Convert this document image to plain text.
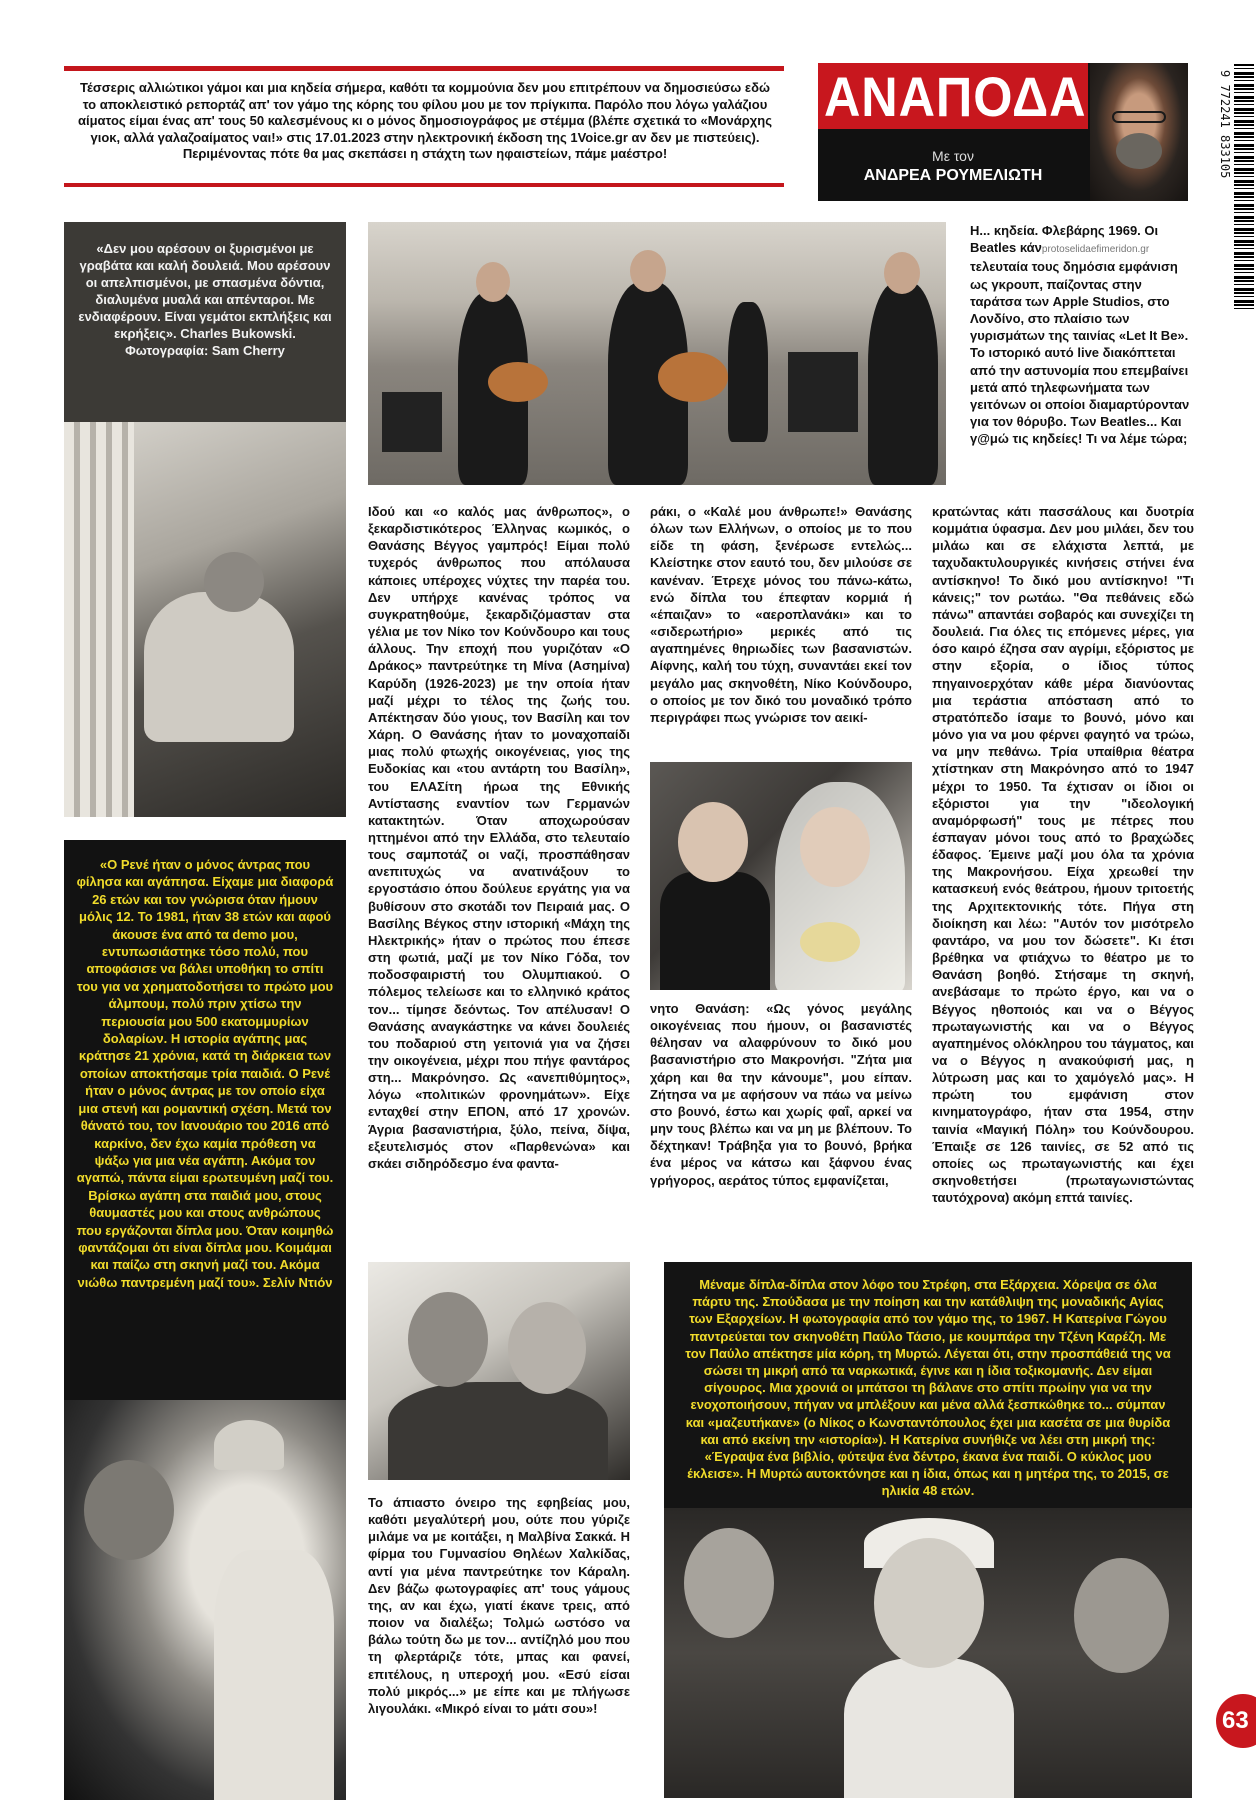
Τέσσερις αλλιώτικοι γάμοι και μια κηδεία σήμερα, καθότι τα κομμούνια δεν μου επιτρέπουν να δημοσιεύσω εδώ το αποκλειστικό ρεπορτάζ απ' τον γάμο της κόρης του φίλου μου με τον πρίγκιπα. Παρόλο που λόγω γαλάζιου αίματος είμαι ένας απ' τους 50 καλεσμένους κι ο μόνος δημοσιογράφος με στέμμα (βλέπε σχετικά το «Μονάρχης γιοκ, αλλά γαλαζοαίματος ναι!» στις 17.01.2023 στην ηλεκτρονική έκδοση της 1Voice.gr αν δεν με πιστεύεις). Περιμένοντας πότε θα μας σκεπάσει η στάχτη των ηφαιστείων, πάμε μαέστρο!
ΑΝΑΠΟΔΑ
Με τον
ΑΝΔΡΕΑ ΡΟΥΜΕΛΙΩΤΗ	9 772241 833105
«Δεν μου αρέσουν οι ξυρισμένοι με γραβάτα και καλή δουλειά. Μου αρέσουν οι απελπισμένοι, με σπασμένα δόντια, διαλυμένα μυαλά και απένταροι. Με ενδιαφέρουν. Είναι γεμάτοι εκπλήξεις και εκρήξεις». Charles Bukowski. Φωτογραφία: Sam Cherry
«Ο Ρενέ ήταν ο μόνος άντρας που φίλησα και αγάπησα. Είχαμε μια διαφορά 26 ετών και τον γνώρισα όταν ήμουν μόλις 12. Το 1981, ήταν 38 ετών και αφού άκουσε ένα από τα demo μου, εντυπωσιάστηκε τόσο πολύ, που αποφάσισε να βάλει υποθήκη το σπίτι του για να χρηματοδοτήσει το πρώτο μου άλμπουμ, πολύ πριν χτίσω την περιουσία μου 500 εκατομμυρίων δολαρίων. Η ιστορία αγάπης μας κράτησε 21 χρόνια, κατά τη διάρκεια των οποίων αποκτήσαμε τρία παιδιά. Ο Ρενέ ήταν ο μόνος άντρας με τον οποίο είχα μια στενή και ρομαντική σχέση. Μετά τον θάνατό του, τον Ιανουάριο του 2016 από καρκίνο, δεν έχω καμία πρόθεση να ψάξω για μια νέα αγάπη. Ακόμα τον αγαπώ, πάντα είμαι ερωτευμένη μαζί του. Βρίσκω αγάπη στα παιδιά μου, στους θαυμαστές μου και στους ανθρώπους που εργάζονται δίπλα μου. Όταν κοιμηθώ φαντάζομαι ότι είναι δίπλα μου. Κοιμάμαι και παίζω στη σκηνή μαζί του. Ακόμα νιώθω παντρεμένη μαζί του». Σελίν Ντιόν
Η... κηδεία. Φλεβάρης 1969. Οι Beatles κάνprotoselidaefimeridon.gr τελευταία τους δημόσια εμφάνιση ως γκρουπ, παίζοντας στην ταράτσα των Apple Studios, στο Λονδίνο, στο πλαίσιο των γυρισμάτων της ταινίας «Let It Be». Το ιστορικό αυτό live διακόπτεται από την αστυνομία που επεμβαίνει μετά από τηλεφωνήματα των γειτόνων οι οποίοι διαμαρτύρονταν για τον θόρυβο. Των Beatles... Και γ@μώ τις κηδείες! Τι να λέμε τώρα;
Ιδού και «ο καλός μας άνθρωπος», ο ξεκαρδιστικότερος Έλληνας κωμικός, ο Θανάσης Βέγγος γαμπρός! Είμαι πολύ τυχερός άνθρωπος που απόλαυσα κάποιες υπέροχες νύχτες την παρέα του. Δεν υπήρχε κανένας τρόπος να συγκρατηθούμε, ξεκαρδιζόμασταν στα γέλια με τον Νίκο τον Κούνδουρο και τους άλλους. Την εποχή που γυριζόταν «Ο Δράκος» παντρεύτηκε τη Μίνα (Ασημίνα) Καρύδη (1926-2023) με την οποία ήταν μαζί μέχρι το τέλος της ζωής του. Απέκτησαν δύο γιους, τον Βασίλη και τον Χάρη. Ο Θανάσης ήταν το μοναχοπαίδι μιας πολύ φτωχής οικογένειας, γιος της Ευδοκίας και «του αντάρτη του Βασίλη», του ΕΛΑΣίτη ήρωα της Εθνικής Αντίστασης εναντίον των Γερμανών κατακτητών. Όταν αποχωρούσαν ηττημένοι από την Ελλάδα, στο τελευταίο τους σαμποτάζ οι ναζί, προσπάθησαν ανεπιτυχώς να ανατινάξουν το εργοστάσιο όπου δούλευε εργάτης για να βυθίσουν στο σκοτάδι τον Πειραιά μας. Ο Βασίλης Βέγκος στην ιστορική «Μάχη της Ηλεκτρικής» ήταν ο πρώτος που έπεσε στη φωτιά, μαζί με τον Νίκο Γόδα, τον ποδοσφαιριστή του Ολυμπιακού. Ο πόλεμος τελείωσε και το ελληνικό κράτος τον... τίμησε δεόντως. Τον απέλυσαν! Ο Θανάσης αναγκάστηκε να κάνει δουλειές του ποδαριού στη γειτονιά για να ζήσει την οικογένεια, μέχρι που πήγε φαντάρος στη... Μακρόνησο. Ως «ανεπιθύμητος», λόγω «πολιτικών φρονημάτων». Είχε ενταχθεί στην ΕΠΟΝ, από 17 χρονών. Άγρια βασανιστήρια, ξύλο, πείνα, δίψα, εξευτελισμός στον «Παρθενώνα» και σκάει σιδηρόδεσμο ένα φαντα-
ράκι, ο «Καλέ μου άνθρωπε!» Θανάσης όλων των Ελλήνων, ο οποίος με το που είδε τη φάση, ξενέρωσε εντελώς... Κλείστηκε στον εαυτό του, δεν μιλούσε σε κανέναν. Έτρεχε μόνος του πάνω-κάτω, ενώ δίπλα του έπεφταν κορμιά ή «έπαιζαν» το «αεροπλανάκι» και το «σιδερωτήριο» μερικές από τις αγαπημένες θηριωδίες των βασανιστών. Αίφνης, καλή του τύχη, συναντάει εκεί τον μεγάλο μας σκηνοθέτη, Νίκο Κούνδουρο, ο οποίος με τον δικό του μοναδικό τρόπο περιγράφει πως γνώρισε τον αεικί-
νητο Θανάση: «Ως γόνος μεγάλης οικογένειας που ήμουν, οι βασανιστές θέλησαν να αλαφρύνουν το δικό μου βασανιστήριο στο Μακρονήσι. "Ζήτα μια χάρη και θα την κάνουμε", μου είπαν. Ζήτησα να με αφήσουν να πάω να μείνω στο βουνό, έστω και χωρίς φαΐ, αρκεί να μην τους βλέπω και να μη με βλέπουν. Το δέχτηκαν! Τράβηξα για το βουνό, βρήκα ένα μέρος να κάτσω και ξάφνου ένας γρήγορος, αεράτος τύπος εμφανίζεται,
κρατώντας κάτι πασσάλους και δυοτρία κομμάτια ύφασμα. Δεν μου μιλάει, δεν του μιλάω και σε ελάχιστα λεπτά, με ταχυδακτυλουργικές κινήσεις στήνει ένα αντίσκηνο! Το δικό μου αντίσκηνο! "Τι κάνεις;" τον ρωτάω. "Θα πεθάνεις εδώ πάνω" απαντάει σοβαρός και συνεχίζει τη δουλειά. Για όλες τις επόμενες μέρες, για όσο καιρό έζησα σαν αγρίμι, εξόριστος με στην εξορία, ο ίδιος τύπος πηγαινοερχόταν κάθε μέρα διανύοντας μια τεράστια απόσταση από το στρατόπεδο ίσαμε το βουνό, μόνο και μόνο για να μου φέρνει φαγητό να τρώω, να μην πεθάνω. Τρία υπαίθρια θέατρα χτίστηκαν στη Μακρόνησο από το 1947 μέχρι το 1950. Τα έχτισαν οι ίδιοι οι εξόριστοι για την "ιδεολογική αναμόρφωσή" τους με πέτρες που έσπαγαν μόνοι τους από το βραχώδες έδαφος. Έμεινε μαζί μου όλα τα χρόνια της Μακρονήσου. Είχα χρεωθεί την κατασκευή ενός θεάτρου, ήμουν τριτοετής της Αρχιτεκτονικής τότε. Πήγα στη διοίκηση και λέω: "Αυτόν τον μισότρελο φαντάρο, να μου τον δώσετε". Κι έτσι βρέθηκα να φτιάχνω το θέατρο με το Θανάση βοηθό. Στήσαμε τη σκηνή, ανεβάσαμε το πρώτο έργο, και να ο Βέγγος ηθοποιός και να ο Βέγγος πρωταγωνιστής και να ο Βέγγος αγαπημένος ολόκληρου του τάγματος, και να ο Βέγγος η ανακούφισή μας, η λύτρωση μας και το χαμόγελό μας». Η πρώτη του εμφάνιση στον κινηματογράφο, ήταν στα 1954, στην ταινία «Μαγική Πόλη» του Κούνδουρου. Έπαιξε σε 126 ταινίες, σε 52 από τις οποίες ως πρωταγωνιστής και έχει σκηνοθετήσει (πρωταγωνιστώντας ταυτόχρονα) ακόμη επτά ταινίες.
Το άπιαστο όνειρο της εφηβείας μου, καθότι μεγαλύτερή μου, ούτε που γύριζε μιλάμε να με κοιτάξει, η Μαλβίνα Σακκά. Η φίρμα του Γυμνασίου Θηλέων Χαλκίδας, αντί για μένα παντρεύτηκε τον Κάραλη. Δεν βάζω φωτογραφίες απ' τους γάμους της, αν και έχω, γιατί έκανε τρεις, από ποιον να διαλέξω; Τολμώ ωστόσο να βάλω τούτη δω με τον... αντίζηλό μου που τη φλερτάριζε τότε, μπας και φανεί, επιτέλους, η υπεροχή μου. «Εσύ είσαι πολύ μικρός...» με είπε και με πλήγωσε λιγουλάκι. «Μικρό είναι το μάτι σου»!
Μέναμε δίπλα-δίπλα στον λόφο του Στρέφη, στα Εξάρχεια. Χόρεψα σε όλα πάρτυ της. Σπούδασα με την ποίηση και την κατάθλιψη της μοναδικής Αγίας των Εξαρχείων. Η φωτογραφία από τον γάμο της, το 1967. Η Κατερίνα Γώγου παντρεύεται τον σκηνοθέτη Παύλο Τάσιο, με κουμπάρα την Τζένη Καρέζη. Με τον Παύλο απέκτησε μία κόρη, τη Μυρτώ. Λέγεται ότι, στην προσπάθειά της να σώσει τη μικρή από τα ναρκωτικά, έγινε και η ίδια τοξικομανής. Δεν είμαι σίγουρος. Μια χρονιά οι μπάτσοι τη βάλανε στο σπίτι πρωίην για να την ενοχοποιήσουν, πήγαν να μπλέξουν και μένα αλλά ξεσπκώθηκε το... σύμπαν και «μαζευτήκανε» (ο Νίκος ο Κωνσταντόπουλος έχει μια κασέτα σε μια θυρίδα και από εκείνη την «ιστορία»). Η Κατερίνα συνήθιζε να λέει στη μικρή της: «Έγραψα ένα βιβλίο, φύτεψα ένα δέντρο, έκανα ένα παιδί. Ο κύκλος μου έκλεισε». Η Μυρτώ αυτοκτόνησε και η ίδια, όπως και η μητέρα της, το 2015, σε ηλικία 48 ετών.
63
